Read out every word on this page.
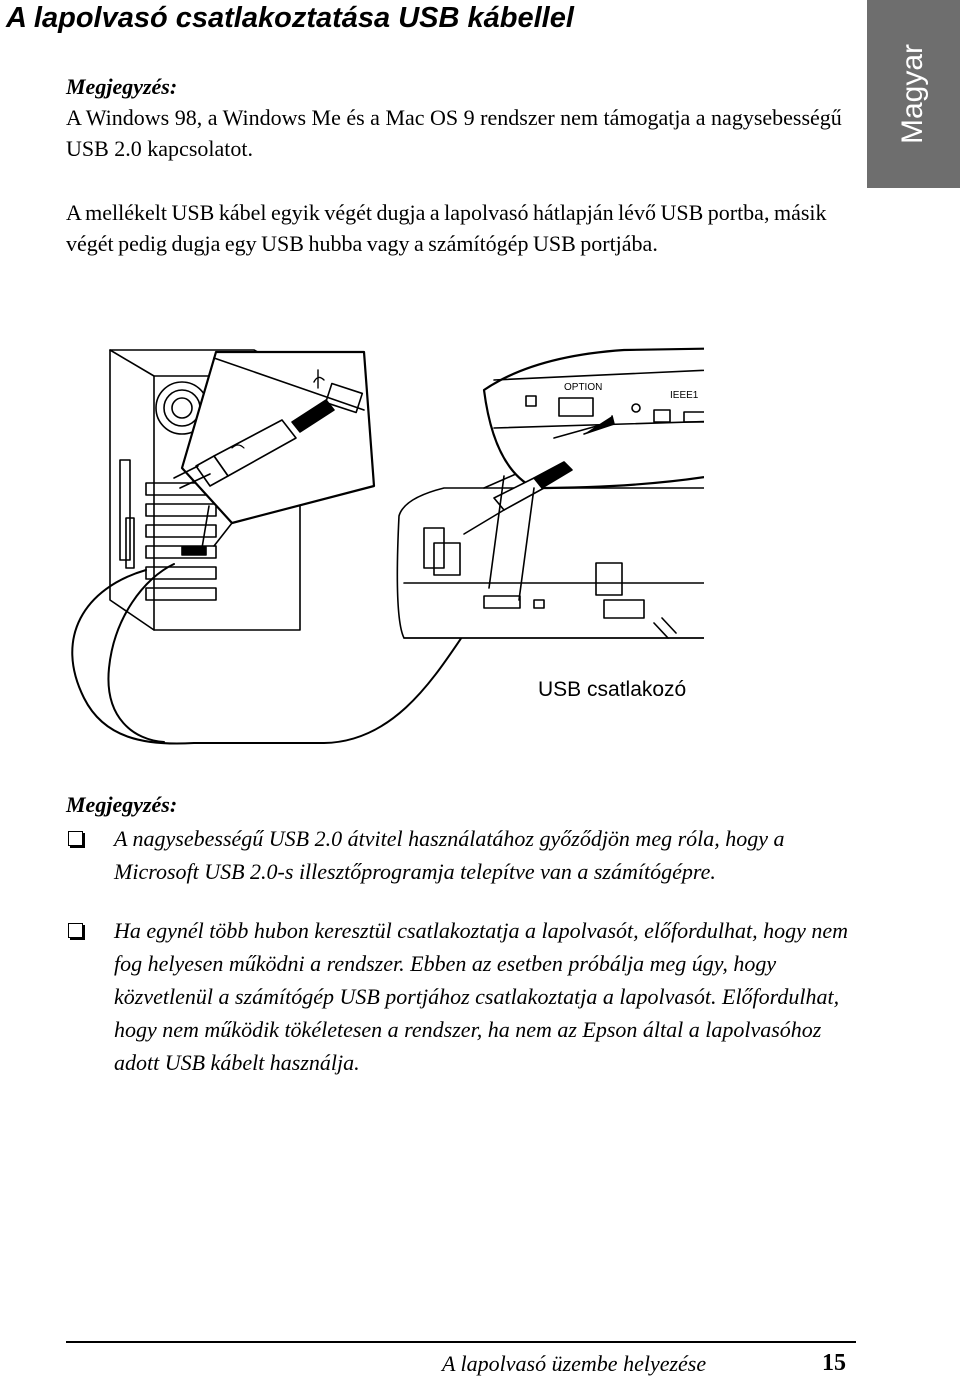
A lapolvasó csatlakoztatása USB kábellel
Magyar

Megjegyzés:

A Windows 98, a Windows Me és a Mac OS 9 rendszer nem támogatja a nagysebességű USB 2.0 kapcsolatot.

A mellékelt USB kábel egyik végét dugja a lapolvasó hátlapján lévő USB portba, másik végét pedig dugja egy USB hubba vagy a számítógép USB portjába.

OPTION
IEEE1
USB csatlakozó

Megjegyzés:

A nagysebességű USB 2.0 átvitel használatához győződjön meg róla, hogy a Microsoft USB 2.0-s illesztőprogramja telepítve van a számítógépre.
Ha egynél több hubon keresztül csatlakoztatja a lapolvasót, előfordulhat, hogy nem fog helyesen működni a rendszer. Ebben az esetben próbálja meg úgy, hogy közvetlenül a számítógép USB portjához csatlakoztatja a lapolvasót. Előfordulhat, hogy nem működik tökéletesen a rendszer, ha nem az Epson által a lapolvasóhoz adott USB kábelt használja.
A lapolvasó üzembe helyezése	15
